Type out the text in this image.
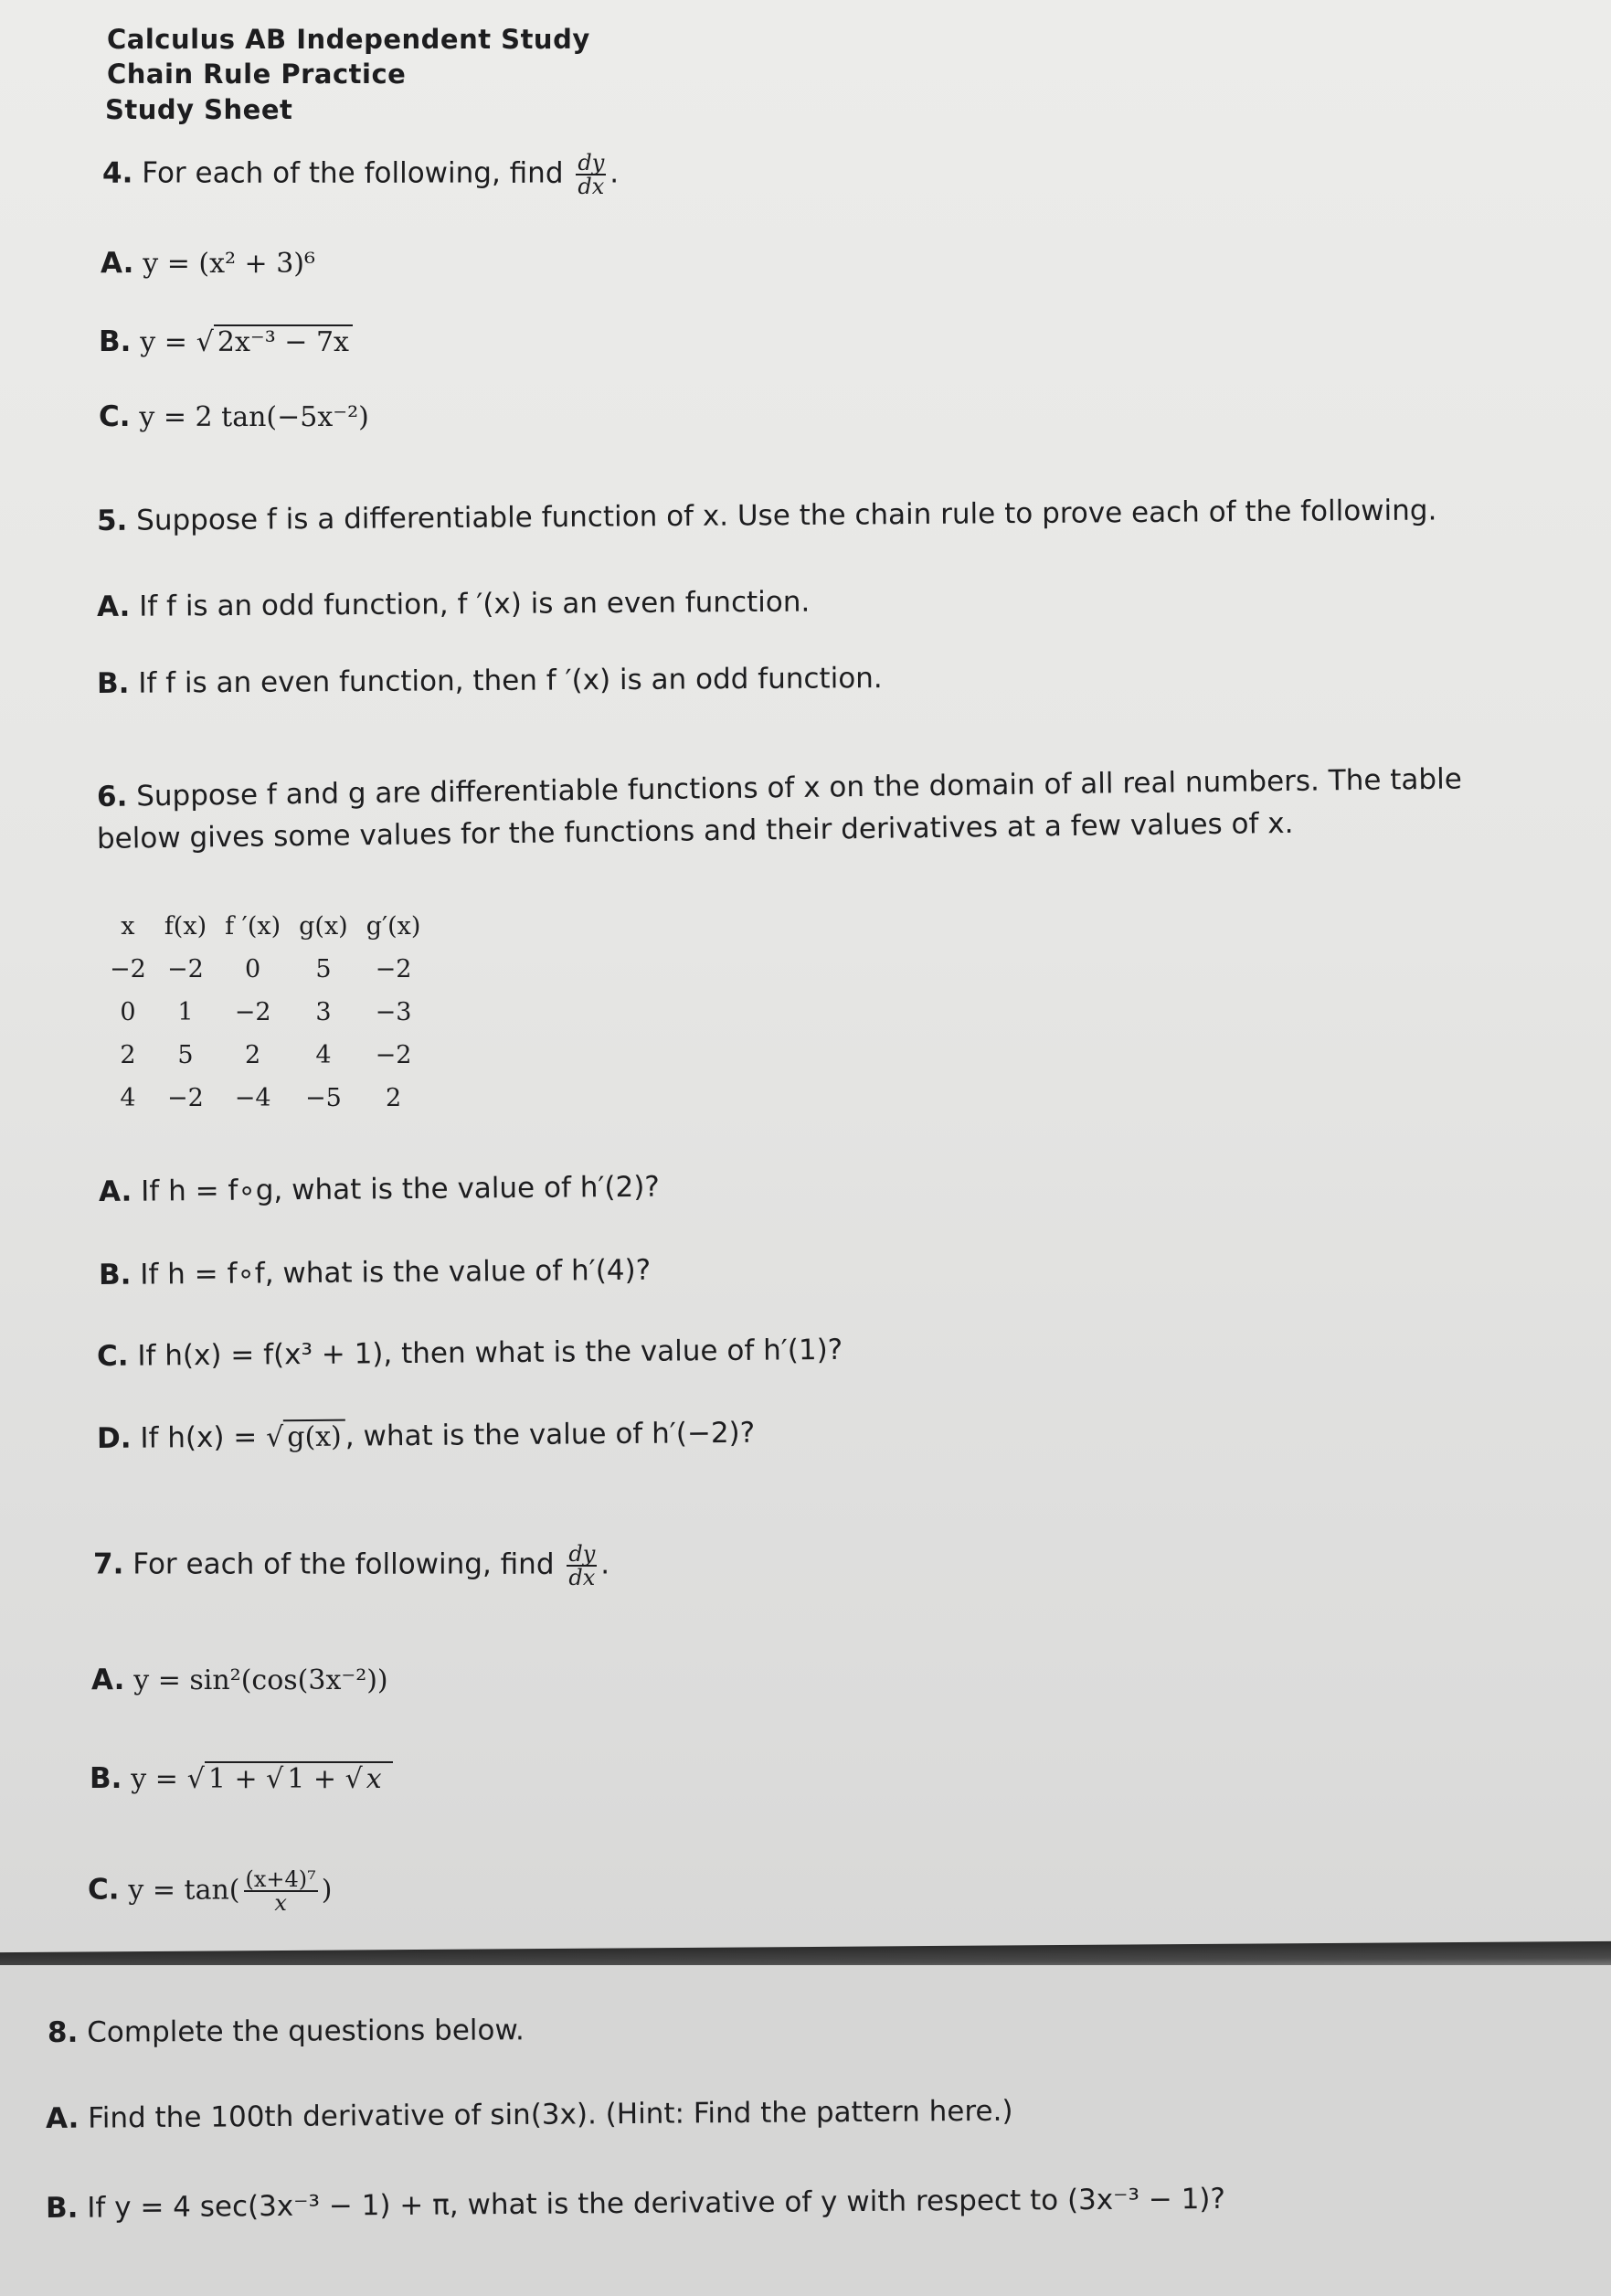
Calculus AB Independent Study
Chain Rule Practice
Study Sheet
4. For each of the following, find $\frac{dy}{dx}$ .
A. y = (x² + 3)⁶
B. y = √ 2x⁻³ − 7x
C. y = 2 tan(−5x⁻²)
5. Suppose f is a differentiable function of x. Use the chain rule to prove each of the following.
A. If f is an odd function, f ′(x) is an even function.
B. If f is an even function, then f ′(x) is an odd function.
6. Suppose f and g are differentiable functions of x on the domain of all real numbers. The table
below gives some values for the functions and their derivatives at a few values of x.
x	f(x)	f ′(x)	g(x)	g′(x)
−2	−2	0	5	−2
0	1	−2	3	−3
2	5	2	4	−2
4	−2	−4	−5	2
A. If h = f∘g, what is the value of h′(2)?
B. If h = f∘f, what is the value of h′(4)?
C. If h(x) = f(x³ + 1), then what is the value of h′(1)?
D. If h(x) = √ g(x) , what is the value of h′(−2)?
7. For each of the following, find $\frac{dy}{dx}$ .
A. y = sin²(cos(3x⁻²))
B. y = √ 1 + √ 1 + √ x
C. $y = \tan( \frac{\text{(x+4)⁷}}{x}$ )
8. Complete the questions below.
A. Find the 100th derivative of sin(3x). (Hint: Find the pattern here.)
B. If y = 4 sec(3x⁻³ − 1) + π, what is the derivative of y with respect to (3x⁻³ − 1)?
